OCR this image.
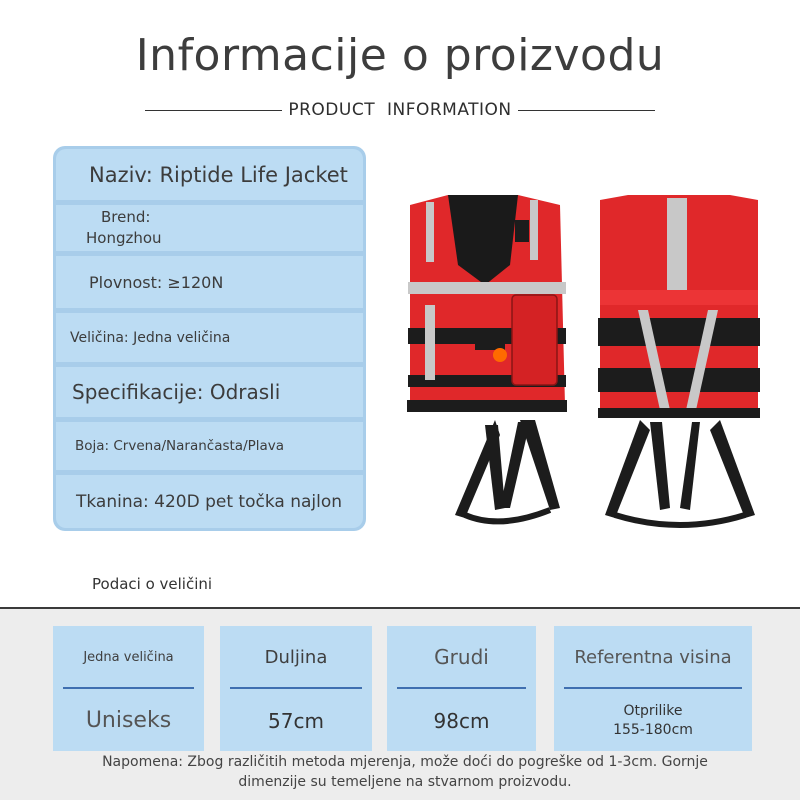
Informacije o proizvodu
PRODUCT INFORMATION
Naziv: Riptide Life Jacket
Brend:
Hongzhou
Plovnost: ≥120N
Veličina: Jedna veličina
Specifikacije: Odrasli
Boja: Crvena/Narančasta/Plava
Tkanina: 420D pet točka najlon
Podaci o veličini
Jedna veličina
Uniseks
Duljina
57cm
Grudi
98cm
Referentna visina
Otprilike
155-180cm
Napomena: Zbog različitih metoda mjerenja, može doći do pogreške od 1-3cm. Gornje
dimenzije su temeljene na stvarnom proizvodu.
